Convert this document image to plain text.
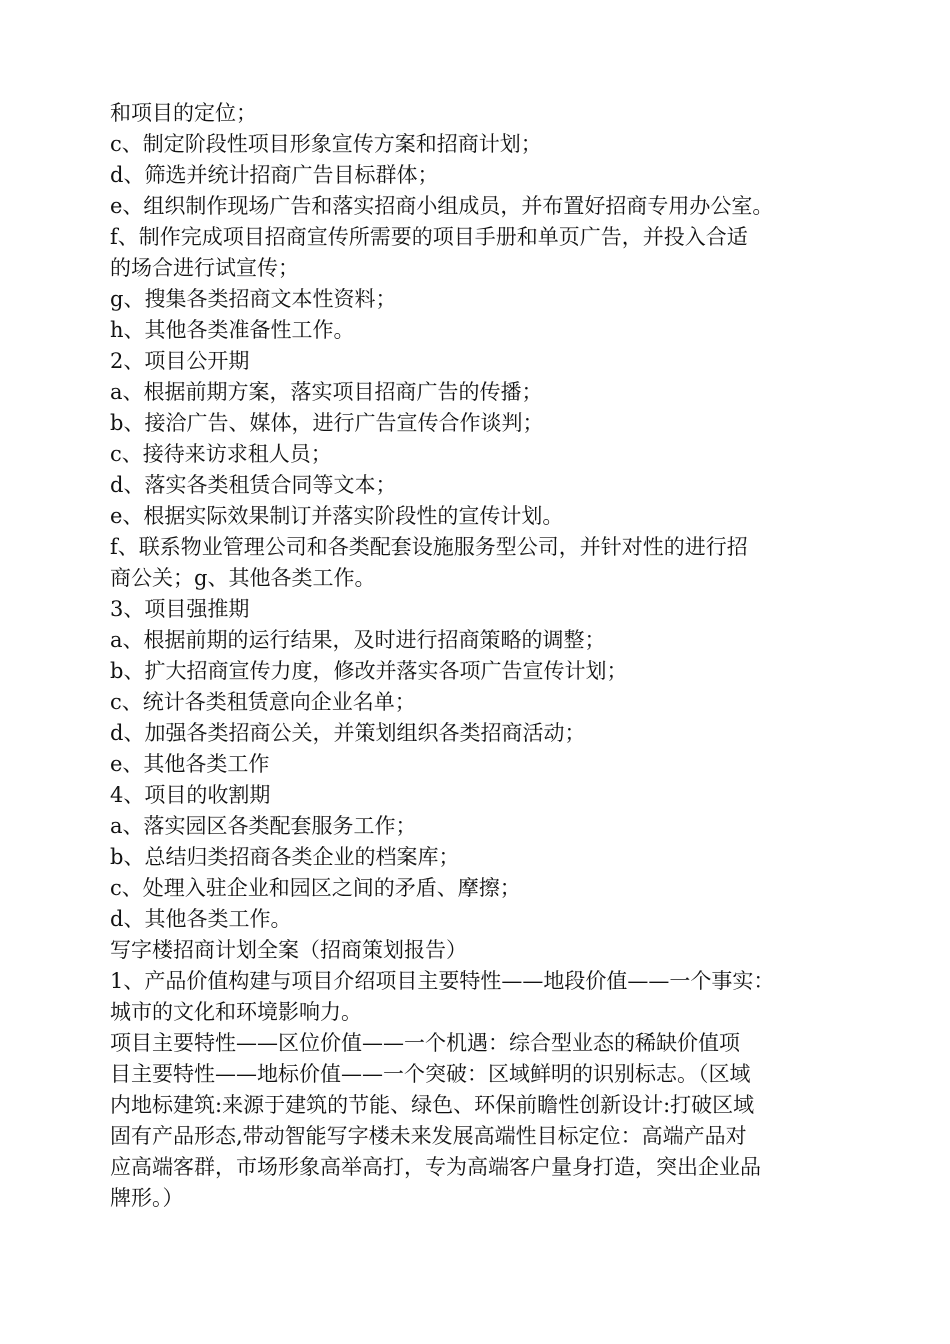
和项目的定位；
c、制定阶段性项目形象宣传方案和招商计划；
d、筛选并统计招商广告目标群体；
e、组织制作现场广告和落实招商小组成员，并布置好招商专用办公室。
f、制作完成项目招商宣传所需要的项目手册和单页广告，并投入合适
的场合进行试宣传；
g、搜集各类招商文本性资料；
h、其他各类准备性工作。
2、项目公开期
a、根据前期方案，落实项目招商广告的传播；
b、接洽广告、媒体，进行广告宣传合作谈判；
c、接待来访求租人员；
d、落实各类租赁合同等文本；
e、根据实际效果制订并落实阶段性的宣传计划。
f、联系物业管理公司和各类配套设施服务型公司，并针对性的进行招
商公关；g、其他各类工作。
3、项目强推期
a、根据前期的运行结果，及时进行招商策略的调整；
b、扩大招商宣传力度，修改并落实各项广告宣传计划；
c、统计各类租赁意向企业名单；
d、加强各类招商公关，并策划组织各类招商活动；
e、其他各类工作
4、项目的收割期
a、落实园区各类配套服务工作；
b、总结归类招商各类企业的档案库；
c、处理入驻企业和园区之间的矛盾、摩擦；
d、其他各类工作。
写字楼招商计划全案（招商策划报告）
1、产品价值构建与项目介绍项目主要特性——地段价值——一个事实：
城市的文化和环境影响力。
项目主要特性——区位价值——一个机遇：综合型业态的稀缺价值项
目主要特性——地标价值——一个突破：区域鲜明的识别标志。（区域
内地标建筑:来源于建筑的节能、绿色、环保前瞻性创新设计:打破区域
固有产品形态,带动智能写字楼未来发展高端性目标定位：高端产品对
应高端客群，市场形象高举高打，专为高端客户量身打造，突出企业品
牌形。）
